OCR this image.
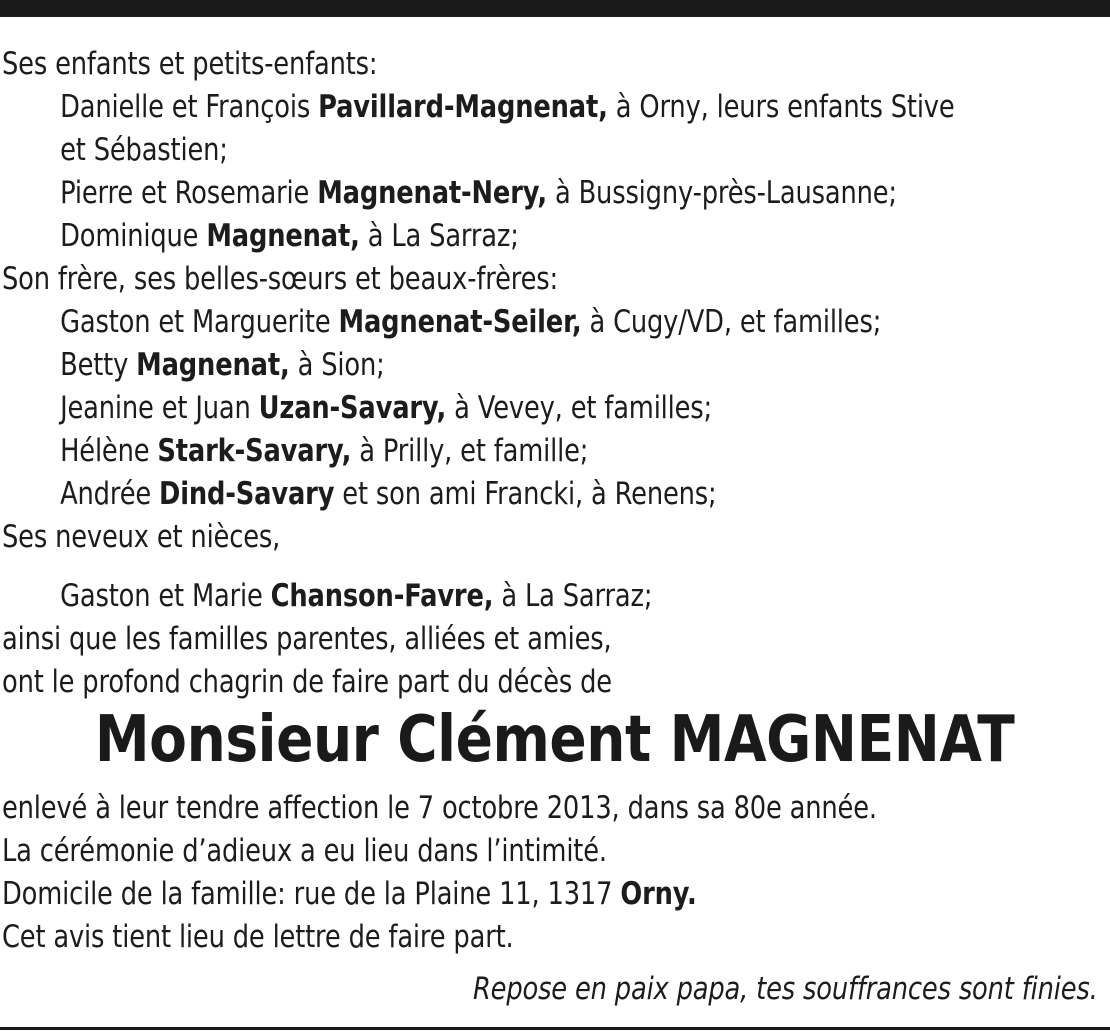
Ses enfants et petits-enfants:
Danielle et François Pavillard-Magnenat, à Orny, leurs enfants Stive
et Sébastien;
Pierre et Rosemarie Magnenat-Nery, à Bussigny-près-Lausanne;
Dominique Magnenat, à La Sarraz;
Son frère, ses belles-sœurs et beaux-frères:
Gaston et Marguerite Magnenat-Seiler, à Cugy/VD, et familles;
Betty Magnenat, à Sion;
Jeanine et Juan Uzan-Savary, à Vevey, et familles;
Hélène Stark-Savary, à Prilly, et famille;
Andrée Dind-Savary et son ami Francki, à Renens;
Ses neveux et nièces,
Gaston et Marie Chanson-Favre, à La Sarraz;
ainsi que les familles parentes, alliées et amies,
ont le profond chagrin de faire part du décès de
Monsieur Clément MAGNENAT
enlevé à leur tendre affection le 7 octobre 2013, dans sa 80e année.
La cérémonie d’adieux a eu lieu dans l’intimité.
Domicile de la famille: rue de la Plaine 11, 1317 Orny.
Cet avis tient lieu de lettre de faire part.
Repose en paix papa, tes souffrances sont finies.
